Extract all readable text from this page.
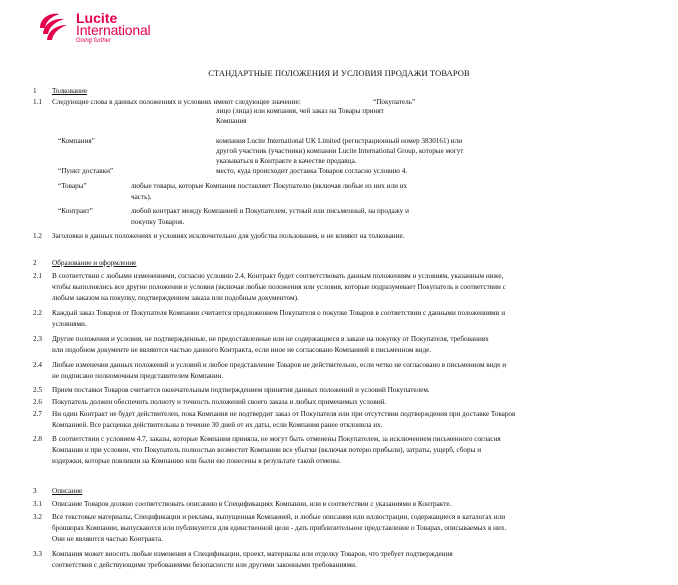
Lucite
International
Going further
СТАНДАРТНЫЕ ПОЛОЖЕНИЯ И УСЛОВИЯ ПРОДАЖИ ТОВАРОВ
1 Толкование
1.1 Следующие слова в данных положениях и условиях имеют следующее значение:	“Покупатель”
лицо (лица) или компания, чей заказ на Товары принят
Компания
“Компания”	компания Lucite International UK Limited (регистрационный номер 3830161) или
другой участник (участники) компании Lucite International Group, которые могут
указываться в Контракте в качестве продавца.
“Пункт доставки”	место, куда происходит доставка Товаров согласно условию 4.
“Товары”	любые товары, которые Компания поставляет Покупателю (включая любые из них или их
часть).
“Контракт”	любой контракт между Компанией и Покупателем, устный или письменный, на продажу и
покупку Товаров.
1.2 Заголовки в данных положениях и условиях исключительно для удобства пользования, и не влияют на толкование.
2 Образование и оформление
2.1 В соответствии с любыми изменениями, согласно условию 2.4, Контракт будет соответствовать данным положениям и условиям, указанным ниже,
чтобы выполнялись все другие положения и условия (включая любые положения или условия, которые подразумевает Покупатель в соответствии с
любым заказом на покупку, подтверждением заказа или подобным документом).
2.2 Каждый заказ Товаров от Покупателя Компании считается предложением Покупателя о покупке Товаров в соответствии с данными положениями и
условиями.
2.3 Другие положения и условия, не подтвержденные, не предоставленные или не содержащиеся в заказе на покупку от Покупателя, требованиях
или подобном документе не являются частью данного Контракта, если иное не согласовано Компанией в письменном виде.
2.4 Любые изменения данных положений и условий и любое представление Товаров не действительно, если четко не согласовано в письменном виде и
не подписано полномочным представителем Компании.
2.5 Прием поставки Товаров считается окончательным подтверждением принятия данных положений и условий Покупателем.
2.6 Покупатель должен обеспечить полноту и точность положений своего заказа и любых применимых условий.
2.7 Ни один Контракт не будет действителен, пока Компания не подтвердит заказ от Покупателя или при отсутствии подтверждения при доставке Товаров
Компанией. Все расценки действительны в течение 30 дней от их даты, если Компания ранее отклонила их.
2.8 В соответствии с условием 4.7, заказы, которые Компания приняла, не могут быть отменены Покупателем, за исключением письменного согласия
Компании и при условии, что Покупатель полностью возместит Компании все убытки (включая потерю прибыли), затраты, ущерб, сборы и
издержки, которые повлияли на Компанию или были ею понесены в результате такой отмены.
3 Описание
3.1 Описание Товаров должно соответствовать описанию в Спецификациях Компании, или в соответствии с указаниями в Контракте.
3.2 Все текстовые материалы, Спецификации и реклама, выпущенная Компанией, и любые описания или иллюстрации, содержащиеся в каталогах или
брошюрах Компании, выпускаются или публикуются для единственной цели - дать приблизительное представление о Товарах, описываемых в них.
Они не являются частью Контракта.
3.3 Компания может вносить любые изменения в Спецификации, проект, материалы или отделку Товаров, что требует подтверждения
соответствия с действующими требованиями безопасности или другими законными требованиями.
